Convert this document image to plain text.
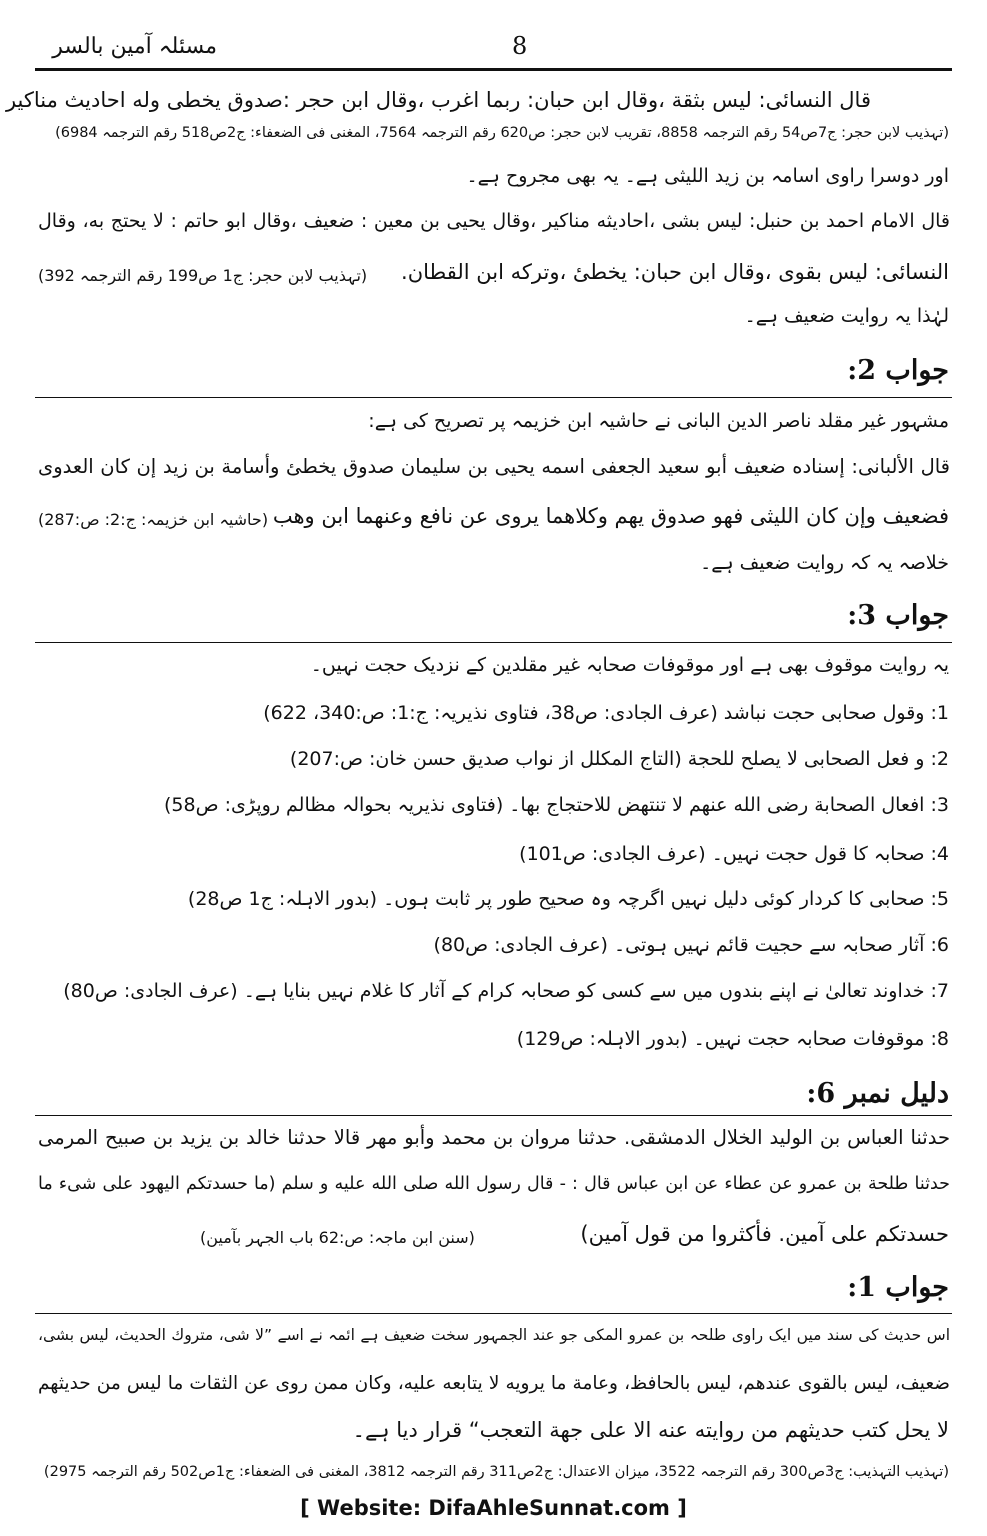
مسئلہ آمین بالسر	8
قال النسائی: لیس بثقة ،وقال ابن حبان: ربما اغرب ،وقال ابن حجر :صدوق یخطی وله احادیث مناکیر
(تہذیب لابن حجر: ج7ص54 رقم الترجمہ 8858، تقریب لابن حجر: ص620 رقم الترجمہ 7564، المغنی فی الضعفاء: ج2ص518 رقم الترجمہ 6984)
اور دوسرا راوی اسامہ بن زید اللیثی ہے۔ یہ بھی مجروح ہے۔
قال الامام احمد بن حنبل: لیس بشی ،احادیثه مناکیر ،وقال یحیی بن معین : ضعیف ،وقال ابو حاتم : لا یحتج به، وقال
النسائی: لیس بقوی ،وقال ابن حبان: یخطیٔ ،وترکه ابن القطان.
(تہذیب لابن حجر: ج1 ص199 رقم الترجمہ 392)
لہٰذا یہ روایت ضعیف ہے۔
جواب 2:
مشہور غیر مقلد ناصر الدین البانی نے حاشیہ ابن خزیمہ پر تصریح کی ہے:
قال الألبانی: إسناده ضعیف أبو سعید الجعفی اسمه یحیی بن سلیمان صدوق یخطئ وأسامة بن زید إن كان العدوی
فضعیف وإن كان اللیثی فهو صدوق یهم وكلاهما یروی عن نافع وعنهما ابن وهب
(حاشیہ ابن خزیمہ: ج:2: ص:287)
خلاصہ یہ کہ روایت ضعیف ہے۔
جواب 3:
یہ روایت موقوف بھی ہے اور موقوفات صحابہ غیر مقلدین کے نزدیک حجت نہیں۔
1: وقول صحابی حجت نباشد (عرف الجادی: ص38، فتاوی نذیریہ: ج:1: ص:340، 622)
2: و فعل الصحابی لا یصلح للحجة (التاج المکلل از نواب صدیق حسن خان: ص:207)
3: افعال الصحابة رضی الله عنهم لا تنتهض للاحتجاج بها۔ (فتاوی نذیریہ بحوالہ مظالم روپڑی: ص58)
4: صحابہ کا قول حجت نہیں۔ (عرف الجادی: ص101)
5: صحابی کا کردار کوئی دلیل نہیں اگرچہ وہ صحیح طور پر ثابت ہوں۔ (بدور الاہلہ: ج1 ص28)
6: آثار صحابہ سے حجیت قائم نہیں ہوتی۔ (عرف الجادی: ص80)
7: خداوند تعالیٰ نے اپنے بندوں میں سے کسی کو صحابہ کرام کے آثار کا غلام نہیں بنایا ہے۔ (عرف الجادی: ص80)
8: موقوفات صحابہ حجت نہیں۔ (بدور الاہلہ: ص129)
دلیل نمبر 6:
حدثنا العباس بن الولید الخلال الدمشقی. حدثنا مروان بن محمد وأبو مهر قالا حدثنا خالد بن یزید بن صبیح المرمی
حدثنا طلحة بن عمرو عن عطاء عن ابن عباس قال : - قال رسول الله صلی الله علیه و سلم (ما حسدتکم الیهود علی شیء ما
حسدتکم علی آمین. فأکثروا من قول آمین)
(سنن ابن ماجہ: ص:62 باب الجہر بآمین)
جواب 1:
اس حدیث کی سند میں ایک راوی طلحہ بن عمرو المکی جو عند الجمہور سخت ضعیف ہے ائمہ نے اسے ”لا شی، متروك الحدیث، لیس بشی،
ضعیف، لیس بالقوی عندهم، لیس بالحافظ، وعامة ما یرویه لا یتابعه علیه، وكان ممن روی عن الثقات ما لیس من حدیثهم
لا یحل کتب حدیثهم من روایته عنه الا علی جهة التعجب“ قرار دیا ہے۔
(تہذیب التہذیب: ج3ص300 رقم الترجمہ 3522، میزان الاعتدال: ج2ص311 رقم الترجمہ 3812، المغنی فی الضعفاء: ج1ص502 رقم الترجمہ 2975)
[ Website: DifaAhleSunnat.com ]
